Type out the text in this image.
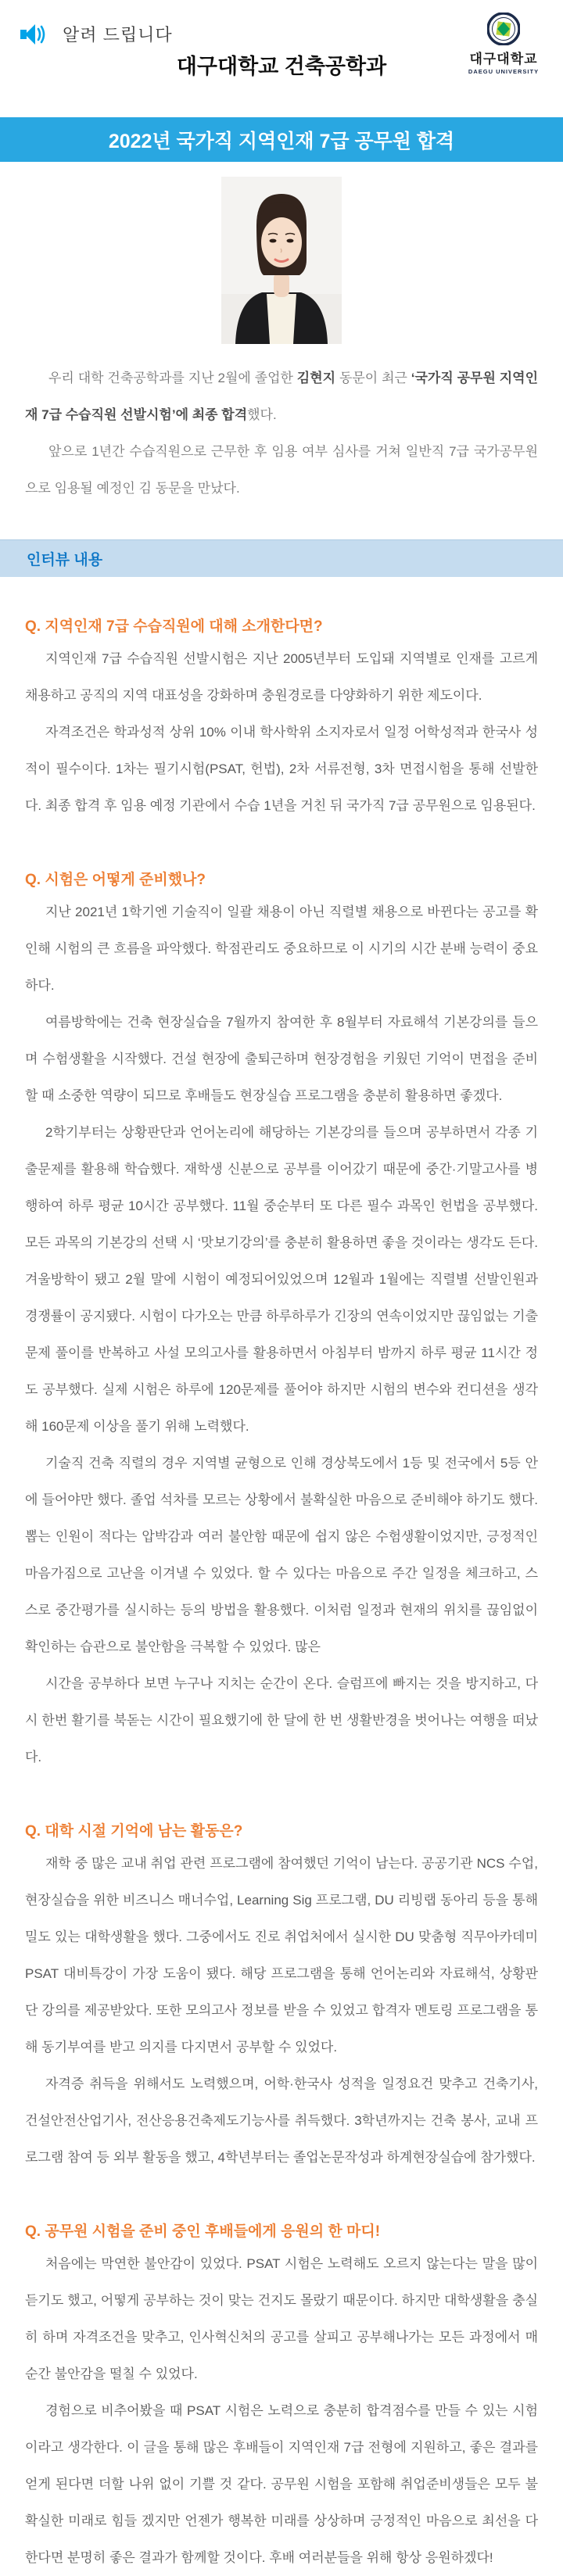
알려 드립니다
대구대학교
DAEGU UNIVERSITY
대구대학교 건축공학과
2022년 국가직 지역인재 7급 공무원 합격

우리 대학 건축공학과를 지난 2월에 졸업한 김현지 동문이 최근 ‘국가직 공무원 지역인재 7급 수습직원 선발시험’에 최종 합격했다.

앞으로 1년간 수습직원으로 근무한 후 임용 여부 심사를 거쳐 일반직 7급 국가공무원으로 임용될 예정인 김 동문을 만났다.

인터뷰 내용
Q. 지역인재 7급 수습직원에 대해 소개한다면?

지역인재 7급 수습직원 선발시험은 지난 2005년부터 도입돼 지역별로 인재를 고르게 채용하고 공직의 지역 대표성을 강화하며 충원경로를 다양화하기 위한 제도이다.

자격조건은 학과성적 상위 10% 이내 학사학위 소지자로서 일정 어학성적과 한국사 성적이 필수이다. 1차는 필기시험(PSAT, 헌법), 2차 서류전형, 3차 면접시험을 통해 선발한다. 최종 합격 후 임용 예정 기관에서 수습 1년을 거친 뒤 국가직 7급 공무원으로 임용된다.

Q. 시험은 어떻게 준비했나?

지난 2021년 1학기엔 기술직이 일괄 채용이 아닌 직렬별 채용으로 바뀐다는 공고를 확인해 시험의 큰 흐름을 파악했다. 학점관리도 중요하므로 이 시기의 시간 분배 능력이 중요하다.

여름방학에는 건축 현장실습을 7월까지 참여한 후 8월부터 자료해석 기본강의를 들으며 수험생활을 시작했다. 건설 현장에 출퇴근하며 현장경험을 키웠던 기억이 면접을 준비할 때 소중한 역량이 되므로 후배들도 현장실습 프로그램을 충분히 활용하면 좋겠다.

2학기부터는 상황판단과 언어논리에 해당하는 기본강의를 들으며 공부하면서 각종 기출문제를 활용해 학습했다. 재학생 신분으로 공부를 이어갔기 때문에 중간·기말고사를 병행하여 하루 평균 10시간 공부했다. 11월 중순부터 또 다른 필수 과목인 헌법을 공부했다. 모든 과목의 기본강의 선택 시 ‘맛보기강의’를 충분히 활용하면 좋을 것이라는 생각도 든다. 겨울방학이 됐고 2월 말에 시험이 예정되어있었으며 12월과 1월에는 직렬별 선발인원과 경쟁률이 공지됐다. 시험이 다가오는 만큼 하루하루가 긴장의 연속이었지만 끊임없는 기출문제 풀이를 반복하고 사설 모의고사를 활용하면서 아침부터 밤까지 하루 평균 11시간 정도 공부했다. 실제 시험은 하루에 120문제를 풀어야 하지만 시험의 변수와 컨디션을 생각해 160문제 이상을 풀기 위해 노력했다.

기술직 건축 직렬의 경우 지역별 균형으로 인해 경상북도에서 1등 및 전국에서 5등 안에 들어야만 했다. 졸업 석차를 모르는 상황에서 불확실한 마음으로 준비해야 하기도 했다. 뽑는 인원이 적다는 압박감과 여러 불안함 때문에 쉽지 않은 수험생활이었지만, 긍정적인 마음가짐으로 고난을 이겨낼 수 있었다. 할 수 있다는 마음으로 주간 일정을 체크하고, 스스로 중간평가를 실시하는 등의 방법을 활용했다. 이처럼 일정과 현재의 위치를 끊임없이 확인하는 습관으로 불안함을 극복할 수 있었다. 많은

시간을 공부하다 보면 누구나 지치는 순간이 온다. 슬럼프에 빠지는 것을 방지하고, 다시 한번 활기를 북돋는 시간이 필요했기에 한 달에 한 번 생활반경을 벗어나는 여행을 떠났다.

Q. 대학 시절 기억에 남는 활동은?

재학 중 많은 교내 취업 관련 프로그램에 참여했던 기억이 남는다. 공공기관 NCS 수업, 현장실습을 위한 비즈니스 매너수업, Learning Sig 프로그램, DU 리빙랩 동아리 등을 통해 밀도 있는 대학생활을 했다. 그중에서도 진로 취업처에서 실시한 DU 맞춤형 직무아카데미 PSAT 대비특강이 가장 도움이 됐다. 해당 프로그램을 통해 언어논리와 자료해석, 상황판단 강의를 제공받았다. 또한 모의고사 정보를 받을 수 있었고 합격자 멘토링 프로그램을 통해 동기부여를 받고 의지를 다지면서 공부할 수 있었다.

자격증 취득을 위해서도 노력했으며, 어학·한국사 성적을 일정요건 맞추고 건축기사, 건설안전산업기사, 전산응용건축제도기능사를 취득했다. 3학년까지는 건축 봉사, 교내 프로그램 참여 등 외부 활동을 했고, 4학년부터는 졸업논문작성과 하계현장실습에 참가했다.

Q. 공무원 시험을 준비 중인 후배들에게 응원의 한 마디!

처음에는 막연한 불안감이 있었다. PSAT 시험은 노력해도 오르지 않는다는 말을 많이 듣기도 했고, 어떻게 공부하는 것이 맞는 건지도 몰랐기 때문이다. 하지만 대학생활을 충실히 하며 자격조건을 맞추고, 인사혁신처의 공고를 살피고 공부해나가는 모든 과정에서 매 순간 불안감을 떨칠 수 있었다.

경험으로 비추어봤을 때 PSAT 시험은 노력으로 충분히 합격점수를 만들 수 있는 시험이라고 생각한다. 이 글을 통해 많은 후배들이 지역인재 7급 전형에 지원하고, 좋은 결과를 얻게 된다면 더할 나위 없이 기쁠 것 같다. 공무원 시험을 포함해 취업준비생들은 모두 불확실한 미래로 힘들 겠지만 언젠가 행복한 미래를 상상하며 긍정적인 마음으로 최선을 다한다면 분명히 좋은 결과가 함께할 것이다. 후배 여러분들을 위해 항상 응원하겠다!
